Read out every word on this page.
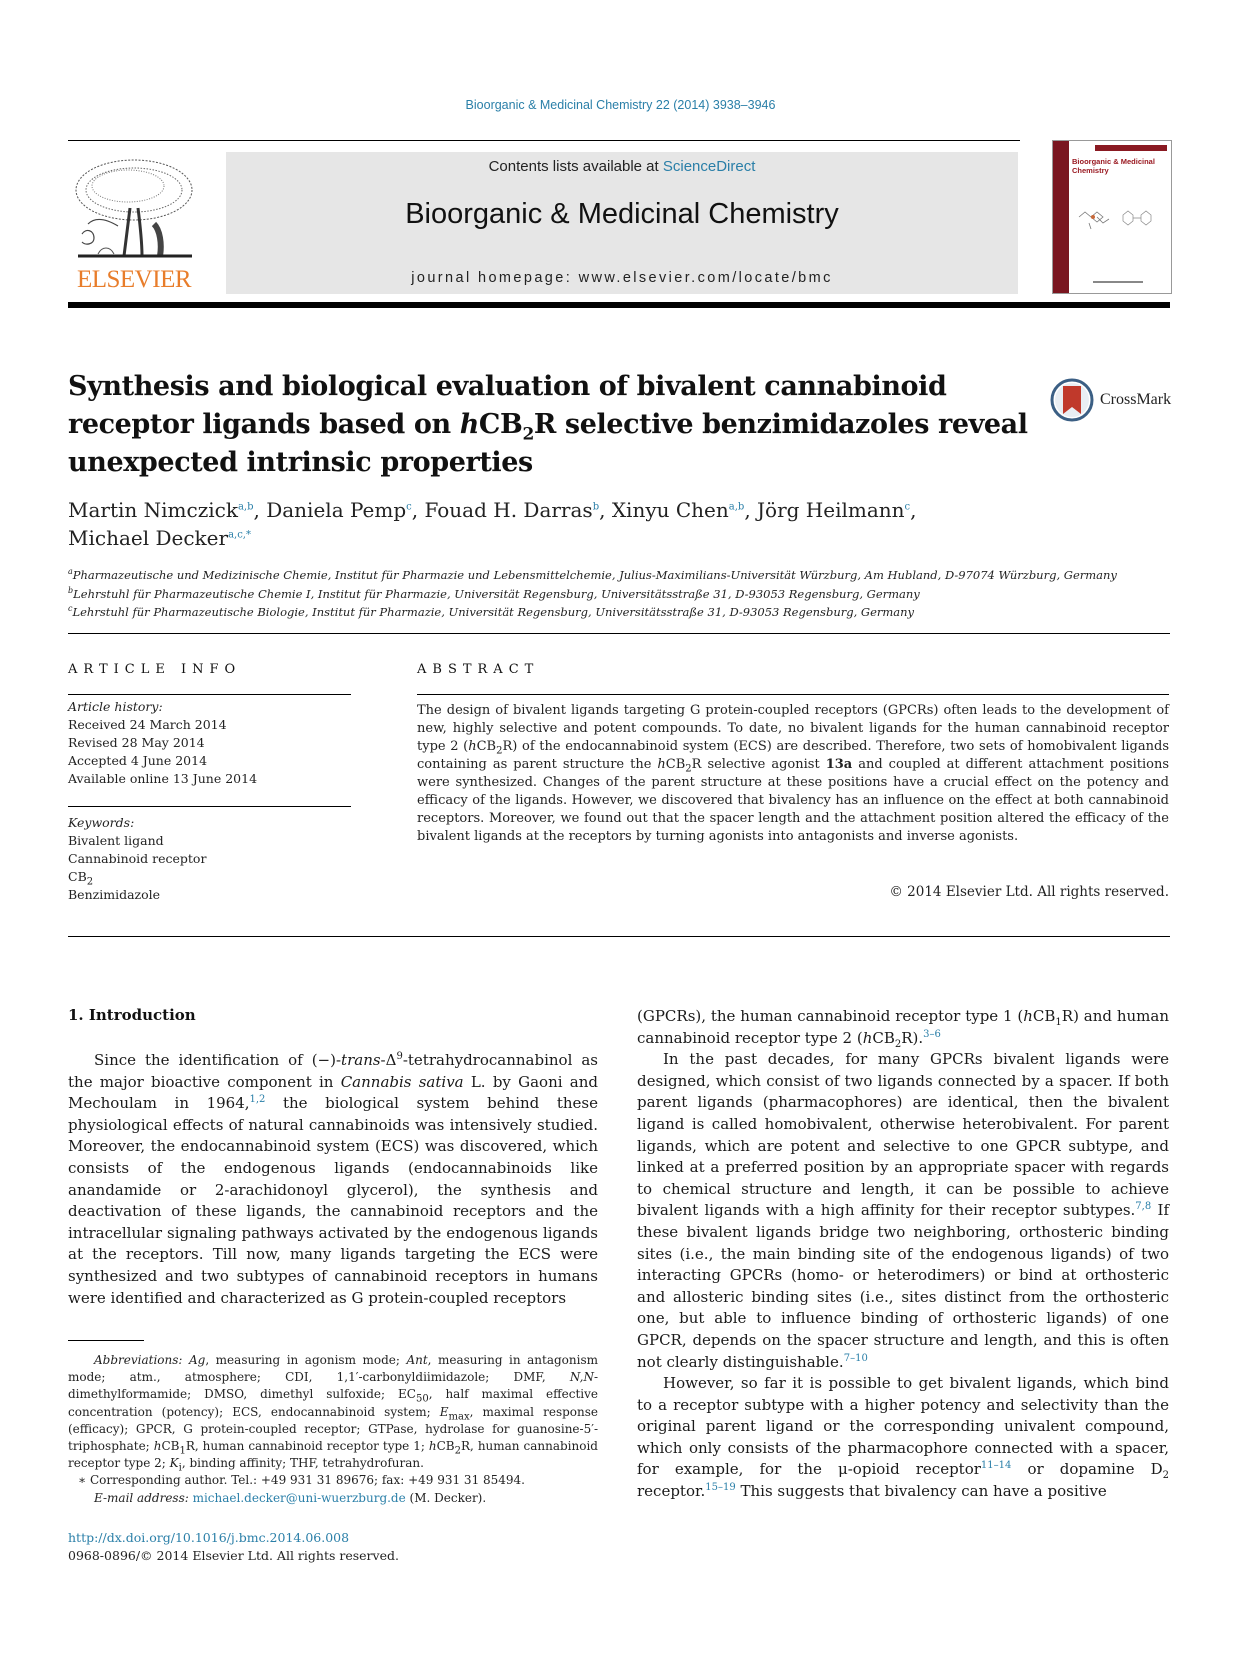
Bioorganic & Medicinal Chemistry 22 (2014) 3938–3946
ELSEVIER
Contents lists available at ScienceDirect
Bioorganic & Medicinal Chemistry
journal homepage: www.elsevier.com/locate/bmc
Bioorganic & Medicinal Chemistry
Synthesis and biological evaluation of bivalent cannabinoid receptor ligands based on hCB$_2$R selective benzimidazoles reveal unexpected intrinsic properties
CrossMark
Martin Nimczick$^{a,b}$, Daniela Pemp$^c$, Fouad H. Darras$^b$, Xinyu Chen$^{a,b}$, Jörg Heilmann$^c$,
Michael Decker$^{a,c,*}$
$^a$Pharmazeutische und Medizinische Chemie, Institut für Pharmazie und Lebensmittelchemie, Julius-Maximilians-Universität Würzburg, Am Hubland, D-97074 Würzburg, Germany
$^b$Lehrstuhl für Pharmazeutische Chemie I, Institut für Pharmazie, Universität Regensburg, Universitätsstraße 31, D-93053 Regensburg, Germany
$^c$Lehrstuhl für Pharmazeutische Biologie, Institut für Pharmazie, Universität Regensburg, Universitätsstraße 31, D-93053 Regensburg, Germany
ARTICLE INFO
Article history:
Received 24 March 2014
Revised 28 May 2014
Accepted 4 June 2014
Available online 13 June 2014
Keywords:
Bivalent ligand
Cannabinoid receptor
$CB_2$
Benzimidazole
ABSTRACT
The design of bivalent ligands targeting G protein-coupled receptors (GPCRs) often leads to the development of new, highly selective and potent compounds. To date, no bivalent ligands for the human cannabinoid receptor type 2 (hCB$_2$R) of the endocannabinoid system (ECS) are described. Therefore, two sets of homobivalent ligands containing as parent structure the hCB$_2$R selective agonist 13a and coupled at different attachment positions were synthesized. Changes of the parent structure at these positions have a crucial effect on the potency and efficacy of the ligands. However, we discovered that bivalency has an influence on the effect at both cannabinoid receptors. Moreover, we found out that the spacer length and the attachment position altered the efficacy of the bivalent ligands at the receptors by turning agonists into antagonists and inverse agonists.
© 2014 Elsevier Ltd. All rights reserved.
1. Introduction

Since the identification of $(-)-trans-\Delta^9$-tetrahydrocannabinol as the major bioactive component in Cannabis sativa L. by Gaoni and Mechoulam in 1964,$^{1,2}$ the biological system behind these physiological effects of natural cannabinoids was intensively studied. Moreover, the endocannabinoid system (ECS) was discovered, which consists of the endogenous ligands (endocannabinoids like anandamide or 2-arachidonoyl glycerol), the synthesis and deactivation of these ligands, the cannabinoid receptors and the intracellular signaling pathways activated by the endogenous ligands at the receptors. Till now, many ligands targeting the ECS were synthesized and two subtypes of cannabinoid receptors in humans were identified and characterized as G protein-coupled receptors

(GPCRs), the human cannabinoid receptor type 1 (hCB$_1$R) and human cannabinoid receptor type 2 (hCB$_2$R).$^{3-6}$

In the past decades, for many GPCRs bivalent ligands were designed, which consist of two ligands connected by a spacer. If both parent ligands (pharmacophores) are identical, then the bivalent ligand is called homobivalent, otherwise heterobivalent. For parent ligands, which are potent and selective to one GPCR subtype, and linked at a preferred position by an appropriate spacer with regards to chemical structure and length, it can be possible to achieve bivalent ligands with a high affinity for their receptor subtypes.$^{7,8}$ If these bivalent ligands bridge two neighboring, orthosteric binding sites (i.e., the main binding site of the endogenous ligands) of two interacting GPCRs (homo- or heterodimers) or bind at orthosteric and allosteric binding sites (i.e., sites distinct from the orthosteric one, but able to influence binding of orthosteric ligands) of one GPCR, depends on the spacer structure and length, and this is often not clearly distinguishable.$^{7-10}$

However, so far it is possible to get bivalent ligands, which bind to a receptor subtype with a higher potency and selectivity than the original parent ligand or the corresponding univalent compound, which only consists of the pharmacophore connected with a spacer, for example, for the μ-opioid receptor$^{11-14}$ or dopamine $D_2$ receptor.$^{15-19}$ This suggests that bivalency can have a positive

Abbreviations: Ag, measuring in agonism mode; Ant, measuring in antagonism mode; atm., atmosphere; CDI, 1,1′-carbonyldiimidazole; DMF, N,N-dimethylformamide; DMSO, dimethyl sulfoxide; $EC_{50}$, half maximal effective concentration (potency); ECS, endocannabinoid system; $E_{max}$, maximal response (efficacy); GPCR, G protein-coupled receptor; GTPase, hydrolase for guanosine-5′-triphosphate; hCB$_1$R, human cannabinoid receptor type 1; hCB$_2$R, human cannabinoid receptor type 2; $K_i$, binding affinity; THF, tetrahydrofuran.

∗ Corresponding author. Tel.: +49 931 31 89676; fax: +49 931 31 85494.

E-mail address: michael.decker@uni-wuerzburg.de (M. Decker).

http://dx.doi.org/10.1016/j.bmc.2014.06.008
0968-0896/© 2014 Elsevier Ltd. All rights reserved.
